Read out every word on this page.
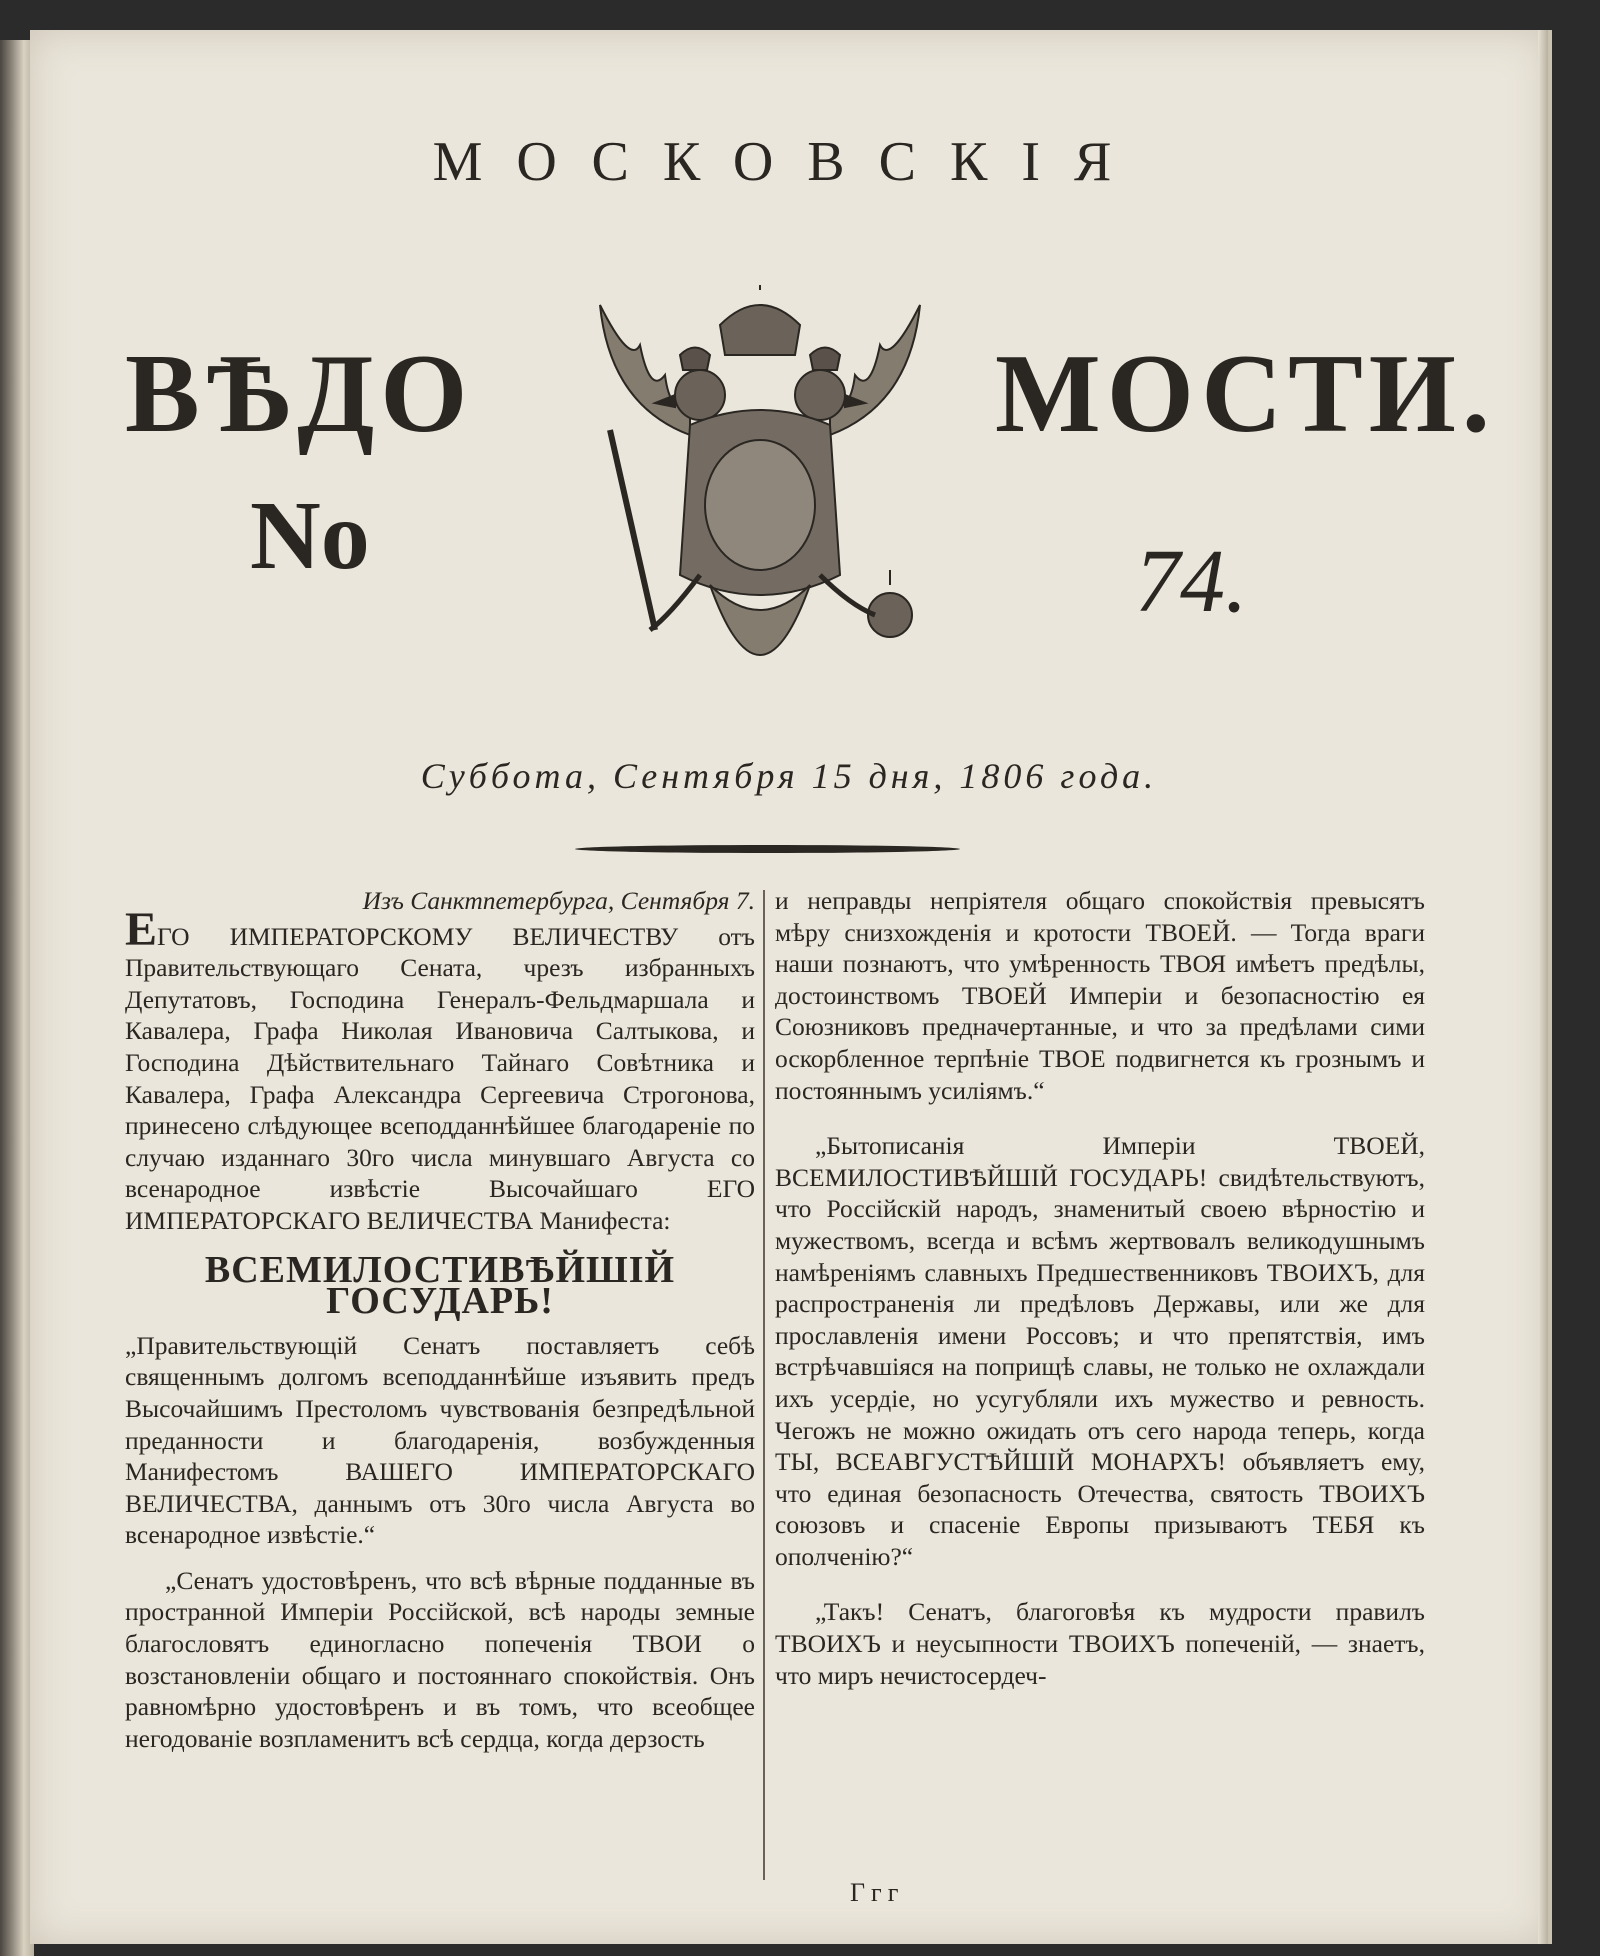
МОСКОВСКІЯ
ВѢДО	МОСТИ.
No	74.
Суббота, Сентября 15 дня, 1806 года.

Изъ Санктпетербурга, Сентября 7.

ЕГО ИМПЕРАТОРСКОМУ ВЕЛИЧЕСТВУ отъ Правительствующаго Сената, чрезъ избранныхъ Депутатовъ, Господина Генералъ-Фельдмаршала и Кавалера, Графа Николая Ивановича Салтыкова, и Господина Дѣйствительнаго Тайнаго Совѣтника и Кавалера, Графа Александра Сергеевича Строгонова, принесено слѣдующее всеподданнѣйшее благодареніе по случаю изданнаго 30го числа минувшаго Августа со всенародное извѣстіе Высочайшаго ЕГО ИМПЕРАТОРСКАГО ВЕЛИЧЕСТВА Манифеста:

ВСЕМИЛОСТИВѢЙШІЙ ГОСУДАРЬ!

„Правительствующій Сенатъ поставляетъ себѣ священнымъ долгомъ всеподданнѣйше изъявить предъ Высочайшимъ Престоломъ чувствованія безпредѣльной преданности и благодаренія, возбужденныя Манифестомъ ВАШЕГО ИМПЕРАТОРСКАГО ВЕЛИЧЕСТВА, даннымъ отъ 30го числа Августа во всенародное извѣстіе.“

„Сенатъ удостовѣренъ, что всѣ вѣрные подданные въ пространной Имперіи Россійской, всѣ народы земные благословятъ единогласно попеченія ТВОИ о возстановленіи общаго и постояннаго спокойствія. Онъ равномѣрно удостовѣренъ и въ томъ, что всеобщее негодованіе возпламенитъ всѣ сердца, когда дерзость

и неправды непріятеля общаго спокойствія превысятъ мѣру снизхожденія и кротости ТВОЕЙ. — Тогда враги наши познаютъ, что умѣренность ТВОЯ имѣетъ предѣлы, достоинствомъ ТВОЕЙ Имперіи и безопасностію ея Союзниковъ предначертанные, и что за предѣлами сими оскорбленное терпѣніе ТВОЕ подвигнется къ грознымъ и постояннымъ усиліямъ.“

„Бытописанія Имперіи ТВОЕЙ, ВСЕМИЛОСТИВѢЙШІЙ ГОСУДАРЬ! свидѣтельствуютъ, что Россійскій народъ, знаменитый своею вѣрностію и мужествомъ, всегда и всѣмъ жертвовалъ великодушнымъ намѣреніямъ славныхъ Предшественниковъ ТВОИХЪ, для распространенія ли предѣловъ Державы, или же для прославленія имени Россовъ; и что препятствія, имъ встрѣчавшіяся на поприщѣ славы, не только не охлаждали ихъ усердіе, но усугубляли ихъ мужество и ревность. Чегожъ не можно ожидать отъ сего народа теперь, когда ТЫ, ВСЕАВГУСТѢЙШІЙ МОНАРХЪ! объявляетъ ему, что единая безопасность Отечества, святость ТВОИХЪ союзовъ и спасеніе Европы призываютъ ТЕБЯ къ ополченію?“

„Такъ! Сенатъ, благоговѣя къ мудрости правилъ ТВОИХЪ и неусыпности ТВОИХЪ попеченій, — знаетъ, что миръ нечистосердеч-

Ггг
